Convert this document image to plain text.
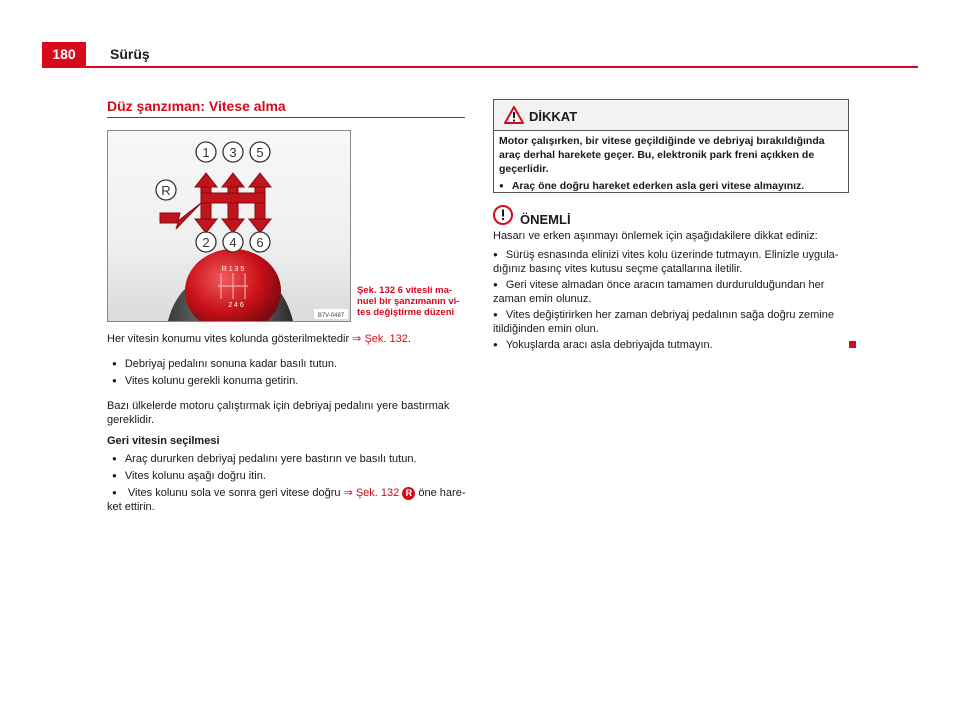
180	Sürüş
Düz şanzıman: Vitese alma
R 1 3 5
2 4 6
1 3 5
2 4 6
R
B7V-0487
Şek. 132 6 vitesli ma-nuel bir şanzımanın vi-tes değiştirme düzeni
Her vitesin konumu vites kolunda gösterilmektedir ⇒ Şek. 132.
● Debriyaj pedalını sonuna kadar basılı tutun.
● Vites kolunu gerekli konuma getirin.
Bazı ülkelerde motoru çalıştırmak için debriyaj pedalını yere bastırmak
gereklidir.
Geri vitesin seçilmesi
● Araç dururken debriyaj pedalını yere bastırın ve basılı tutun.
● Vites kolunu aşağı doğru itin.
● Vites kolunu sola ve sonra geri vitese doğru ⇒ Şek. 132 R öne hare-
ket ettirin.
DİKKAT
Motor çalışırken, bir vitese geçildiğinde ve debriyaj bırakıldığında
araç derhal harekete geçer. Bu, elektronik park freni açıkken de
geçerlidir.
● Araç öne doğru hareket ederken asla geri vitese almayınız.
ÖNEMLİ
Hasarı ve erken aşınmayı önlemek için aşağıdakilere dikkat ediniz:
● Sürüş esnasında elinizi vites kolu üzerinde tutmayın. Elinizle uygula-
dığınız basınç vites kutusu seçme çatallarına iletilir.
● Geri vitese almadan önce aracın tamamen durdurulduğundan her
zaman emin olunuz.
● Vites değiştirirken her zaman debriyaj pedalının sağa doğru zemine
itildiğinden emin olun.
● Yokuşlarda aracı asla debriyajda tutmayın.
